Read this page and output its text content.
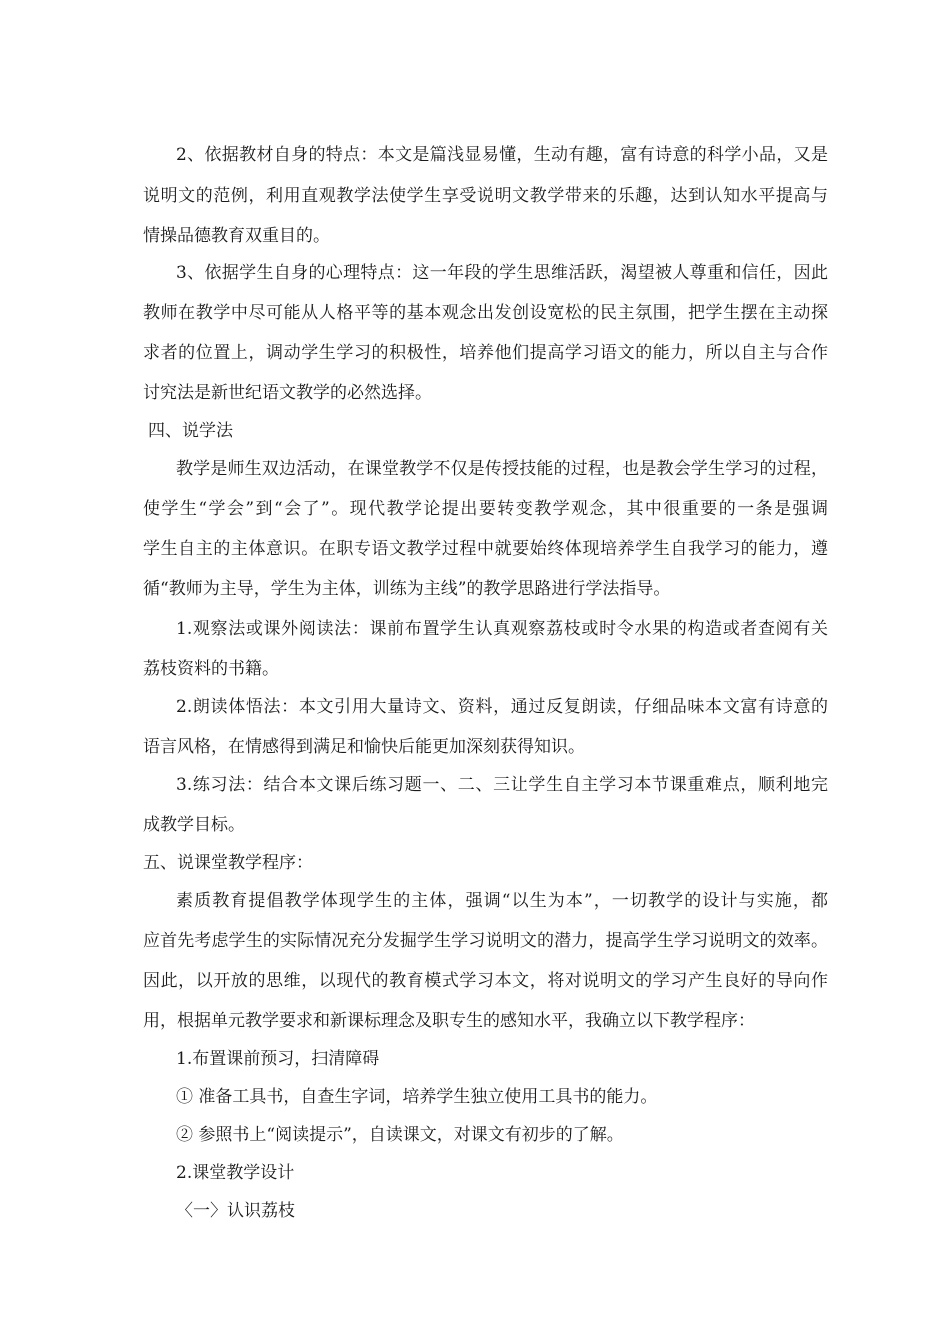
2、依据教材自身的特点：本文是篇浅显易懂，生动有趣，富有诗意的科学小品，又是

说明文的范例，利用直观教学法使学生享受说明文教学带来的乐趣，达到认知水平提高与

情操品德教育双重目的。

3、依据学生自身的心理特点：这一年段的学生思维活跃，渴望被人尊重和信任，因此

教师在教学中尽可能从人格平等的基本观念出发创设宽松的民主氛围，把学生摆在主动探

求者的位置上，调动学生学习的积极性，培养他们提高学习语文的能力，所以自主与合作

讨究法是新世纪语文教学的必然选择。

四、说学法

教学是师生双边活动，在课堂教学不仅是传授技能的过程，也是教会学生学习的过程，

使学生“学会”到“会了”。现代教学论提出要转变教学观念，其中很重要的一条是强调

学生自主的主体意识。在职专语文教学过程中就要始终体现培养学生自我学习的能力，遵

循“教师为主导，学生为主体，训练为主线”的教学思路进行学法指导。

1.观察法或课外阅读法：课前布置学生认真观察荔枝或时令水果的构造或者查阅有关

荔枝资料的书籍。

2.朗读体悟法：本文引用大量诗文、资料，通过反复朗读，仔细品味本文富有诗意的

语言风格，在情感得到满足和愉快后能更加深刻获得知识。

3.练习法：结合本文课后练习题一、二、三让学生自主学习本节课重难点，顺利地完

成教学目标。

五、说课堂教学程序：

素质教育提倡教学体现学生的主体，强调“以生为本”，一切教学的设计与实施，都

应首先考虑学生的实际情况充分发掘学生学习说明文的潜力，提高学生学习说明文的效率。

因此，以开放的思维，以现代的教育模式学习本文，将对说明文的学习产生良好的导向作

用，根据单元教学要求和新课标理念及职专生的感知水平，我确立以下教学程序：

1.布置课前预习，扫清障碍

① 准备工具书，自查生字词，培养学生独立使用工具书的能力。

② 参照书上“阅读提示”，自读课文，对课文有初步的了解。

2.课堂教学设计

〈一〉认识荔枝
